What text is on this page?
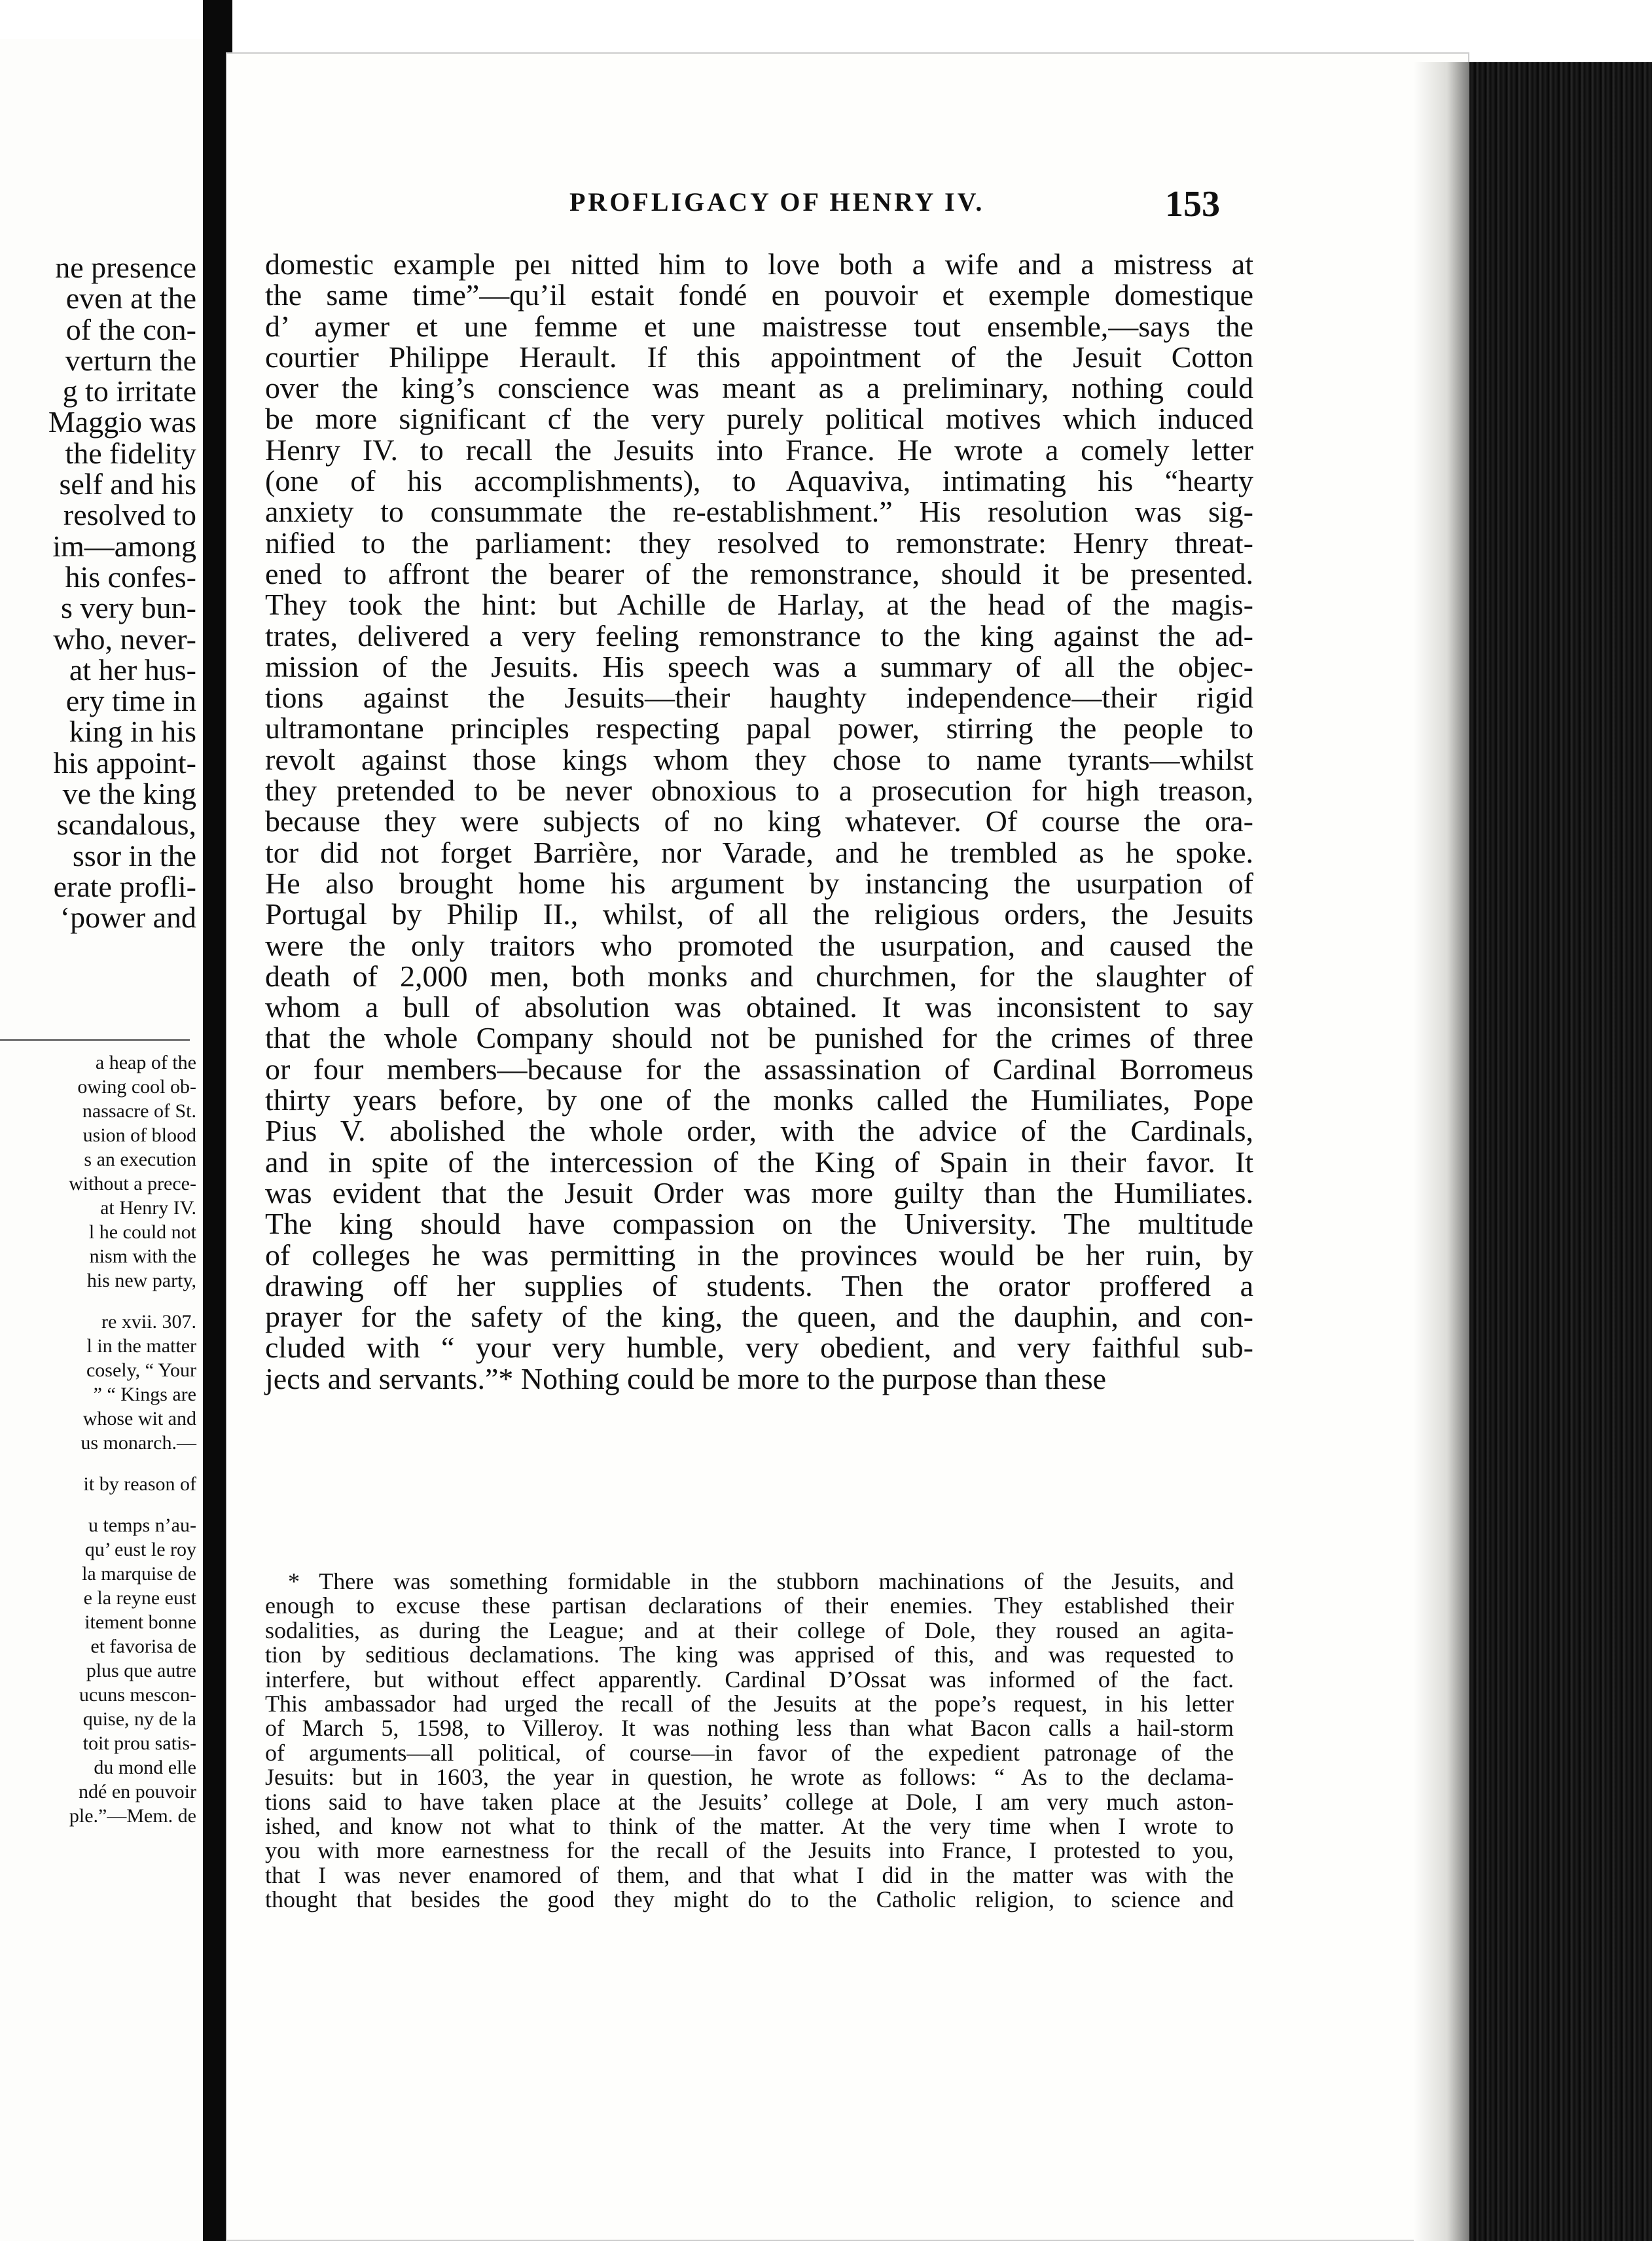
ne presence
even at the
of the con-
verturn the
g to irritate
Maggio was
the fidelity
self and his
resolved to
im—among
his confes-
s very bun-
who, never-
at her hus-
ery time in
king in his
his appoint-
ve the king
scandalous,
ssor in the
erate profli-
‘power and
a heap of the
owing cool ob-
nassacre of St.
usion of blood
s an execution
without a prece-
at Henry IV.
l he could not
nism with the
his new party,

re xvii. 307.
l in the matter
cosely, “ Your
” “ Kings are
whose wit and
us monarch.—

it by reason of

u temps n’au-
qu’ eust le roy
la marquise de
e la reyne eust
itement bonne
et favorisa de
plus que autre
ucuns mescon-
quise, ny de la
toit prou satis-
du mond elle
ndé en pouvoir
ple.”—Mem. de
PROFLIGACY OF HENRY IV.	153
domestic example peı nitted him to love both a wife and a mistress at
the same time”—qu’il estait fondé en pouvoir et exemple domestique
d’ aymer et une femme et une maistresse tout ensemble,—says the
courtier Philippe Herault. If this appointment of the Jesuit Cotton
over the king’s conscience was meant as a preliminary, nothing could
be more significant cf the very purely political motives which induced
Henry IV. to recall the Jesuits into France. He wrote a comely letter
(one of his accomplishments), to Aquaviva, intimating his “hearty
anxiety to consummate the re-establishment.” His resolution was sig-
nified to the parliament: they resolved to remonstrate: Henry threat-
ened to affront the bearer of the remonstrance, should it be presented.
They took the hint: but Achille de Harlay, at the head of the magis-
trates, delivered a very feeling remonstrance to the king against the ad-
mission of the Jesuits. His speech was a summary of all the objec-
tions against the Jesuits—their haughty independence—their rigid
ultramontane principles respecting papal power, stirring the people to
revolt against those kings whom they chose to name tyrants—whilst
they pretended to be never obnoxious to a prosecution for high treason,
because they were subjects of no king whatever. Of course the ora-
tor did not forget Barrière, nor Varade, and he trembled as he spoke.
He also brought home his argument by instancing the usurpation of
Portugal by Philip II., whilst, of all the religious orders, the Jesuits
were the only traitors who promoted the usurpation, and caused the
death of 2,000 men, both monks and churchmen, for the slaughter of
whom a bull of absolution was obtained. It was inconsistent to say
that the whole Company should not be punished for the crimes of three
or four members—because for the assassination of Cardinal Borromeus
thirty years before, by one of the monks called the Humiliates, Pope
Pius V. abolished the whole order, with the advice of the Cardinals,
and in spite of the intercession of the King of Spain in their favor. It
was evident that the Jesuit Order was more guilty than the Humiliates.
The king should have compassion on the University. The multitude
of colleges he was permitting in the provinces would be her ruin, by
drawing off her supplies of students. Then the orator proffered a
prayer for the safety of the king, the queen, and the dauphin, and con-
cluded with “ your very humble, very obedient, and very faithful sub-
jects and servants.”* Nothing could be more to the purpose than these
* There was something formidable in the stubborn machinations of the Jesuits, and
enough to excuse these partisan declarations of their enemies. They established their
sodalities, as during the League; and at their college of Dole, they roused an agita-
tion by seditious declamations. The king was apprised of this, and was requested to
interfere, but without effect apparently. Cardinal D’Ossat was informed of the fact.
This ambassador had urged the recall of the Jesuits at the pope’s request, in his letter
of March 5, 1598, to Villeroy. It was nothing less than what Bacon calls a hail-storm
of arguments—all political, of course—in favor of the expedient patronage of the
Jesuits: but in 1603, the year in question, he wrote as follows: “ As to the declama-
tions said to have taken place at the Jesuits’ college at Dole, I am very much aston-
ished, and know not what to think of the matter. At the very time when I wrote to
you with more earnestness for the recall of the Jesuits into France, I protested to you,
that I was never enamored of them, and that what I did in the matter was with the
thought that besides the good they might do to the Catholic religion, to science and
